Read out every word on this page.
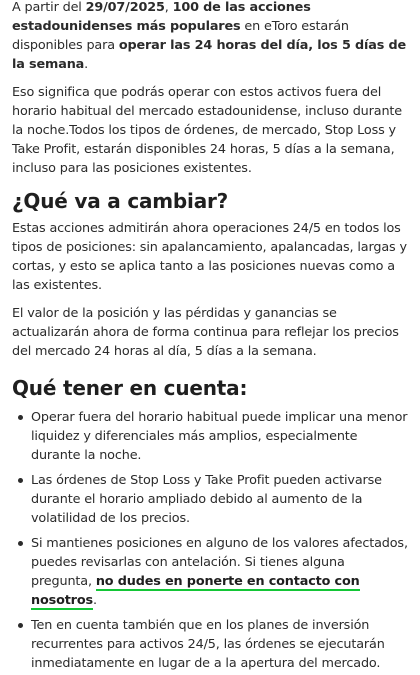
A partir del 29/07/2025, 100 de las acciones estadounidenses más populares en eToro estarán disponibles para operar las 24 horas del día, los 5 días de la semana.

Eso significa que podrás operar con estos activos fuera del horario habitual del mercado estadounidense, incluso durante la noche.Todos los tipos de órdenes, de mercado, Stop Loss y Take Profit, estarán disponibles 24 horas, 5 días a la semana, incluso para las posiciones existentes.

¿Qué va a cambiar?

Estas acciones admitirán ahora operaciones 24/5 en todos los tipos de posiciones: sin apalancamiento, apalancadas, largas y cortas, y esto se aplica tanto a las posiciones nuevas como a las existentes.

El valor de la posición y las pérdidas y ganancias se actualizarán ahora de forma continua para reflejar los precios del mercado 24 horas al día, 5 días a la semana.

Qué tener en cuenta:
Operar fuera del horario habitual puede implicar una menor liquidez y diferenciales más amplios, especialmente durante la noche.
Las órdenes de Stop Loss y Take Profit pueden activarse durante el horario ampliado debido al aumento de la volatilidad de los precios.
Si mantienes posiciones en alguno de los valores afectados, puedes revisarlas con antelación. Si tienes alguna pregunta, no dudes en ponerte en contacto con nosotros.
Ten en cuenta también que en los planes de inversión recurrentes para activos 24/5, las órdenes se ejecutarán inmediatamente en lugar de a la apertura del mercado.
